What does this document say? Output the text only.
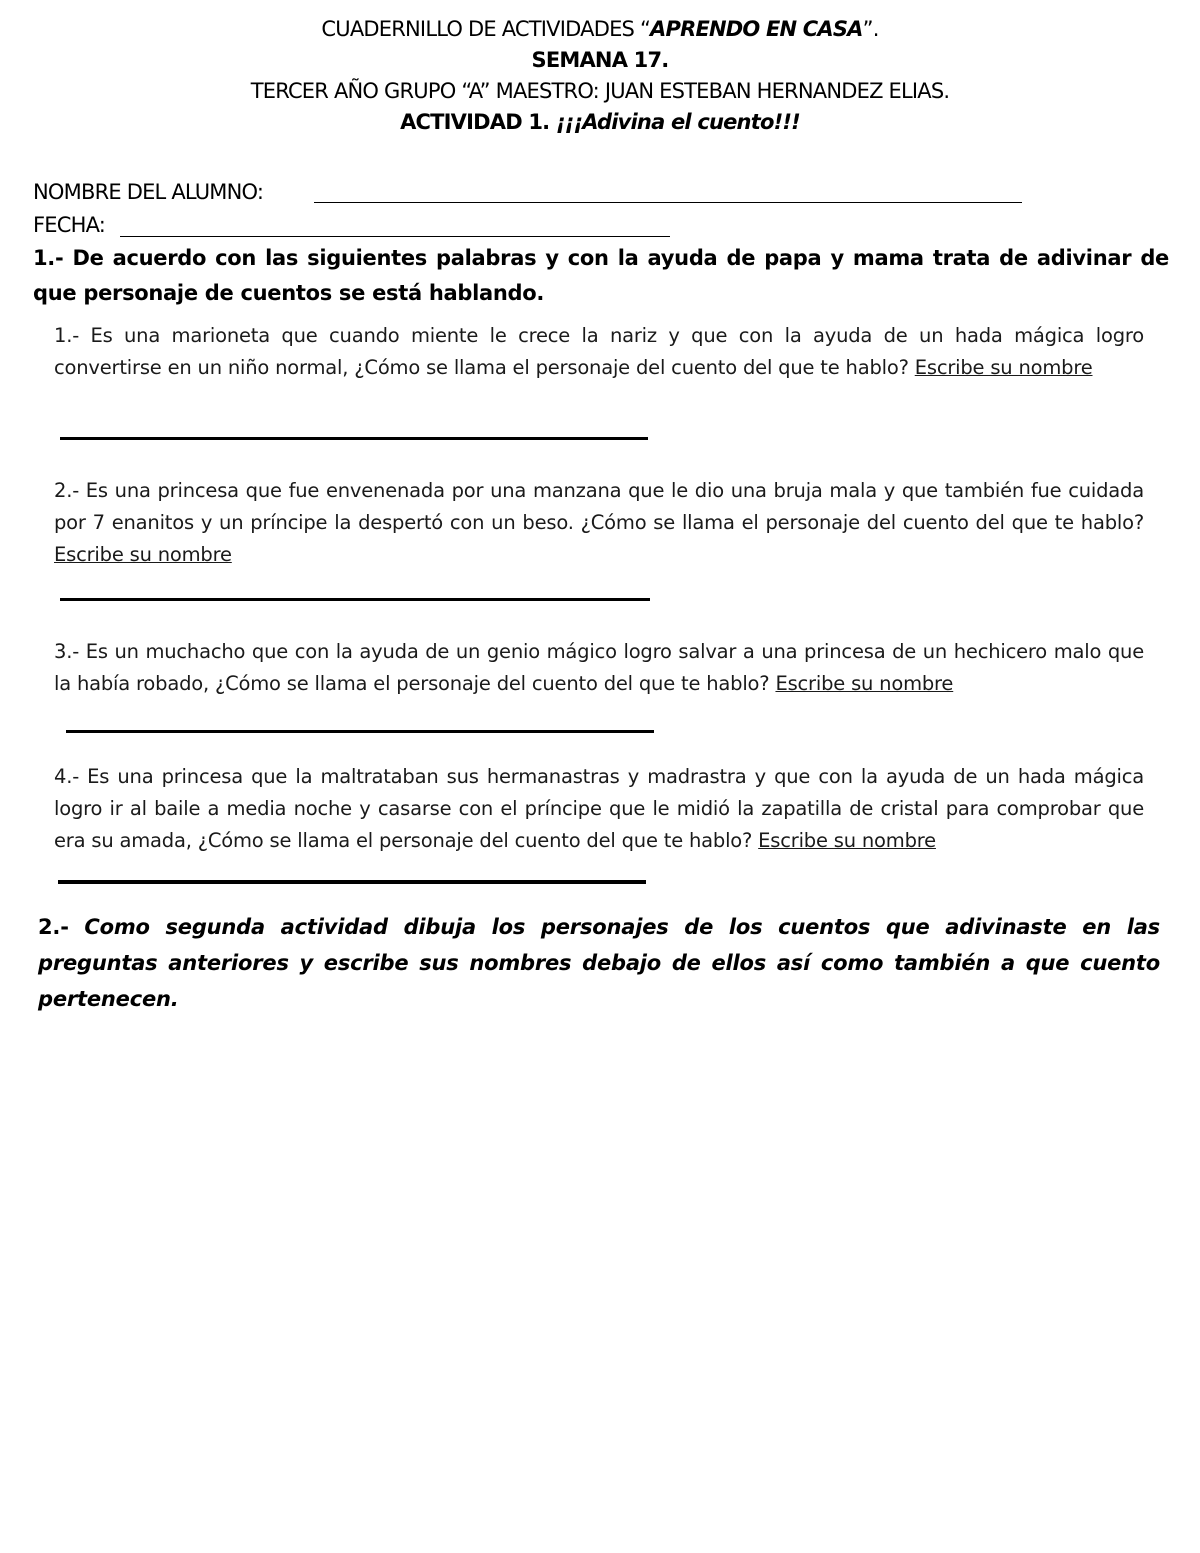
CUADERNILLO DE ACTIVIDADES “APRENDO EN CASA”.
SEMANA 17.
TERCER AÑO GRUPO “A” MAESTRO: JUAN ESTEBAN HERNANDEZ ELIAS.
ACTIVIDAD 1. ¡¡¡Adivina el cuento!!!
NOMBRE DEL ALUMNO:
FECHA:
1.- De acuerdo con las siguientes palabras y con la ayuda de papa y mama trata de adivinar de que personaje de cuentos se está hablando.
1.- Es una marioneta que cuando miente le crece la nariz y que con la ayuda de un hada mágica logro convertirse en un niño normal, ¿Cómo se llama el personaje del cuento del que te hablo? Escribe su nombre
2.- Es una princesa que fue envenenada por una manzana que le dio una bruja mala y que también fue cuidada por 7 enanitos y un príncipe la despertó con un beso. ¿Cómo se llama el personaje del cuento del que te hablo? Escribe su nombre
3.- Es un muchacho que con la ayuda de un genio mágico logro salvar a una princesa de un hechicero malo que la había robado, ¿Cómo se llama el personaje del cuento del que te hablo? Escribe su nombre
4.- Es una princesa que la maltrataban sus hermanastras y madrastra y que con la ayuda de un hada mágica logro ir al baile a media noche y casarse con el príncipe que le midió la zapatilla de cristal para comprobar que era su amada, ¿Cómo se llama el personaje del cuento del que te hablo? Escribe su nombre
2.- Como segunda actividad dibuja los personajes de los cuentos que adivinaste en las preguntas anteriores y escribe sus nombres debajo de ellos así como también a que cuento pertenecen.
